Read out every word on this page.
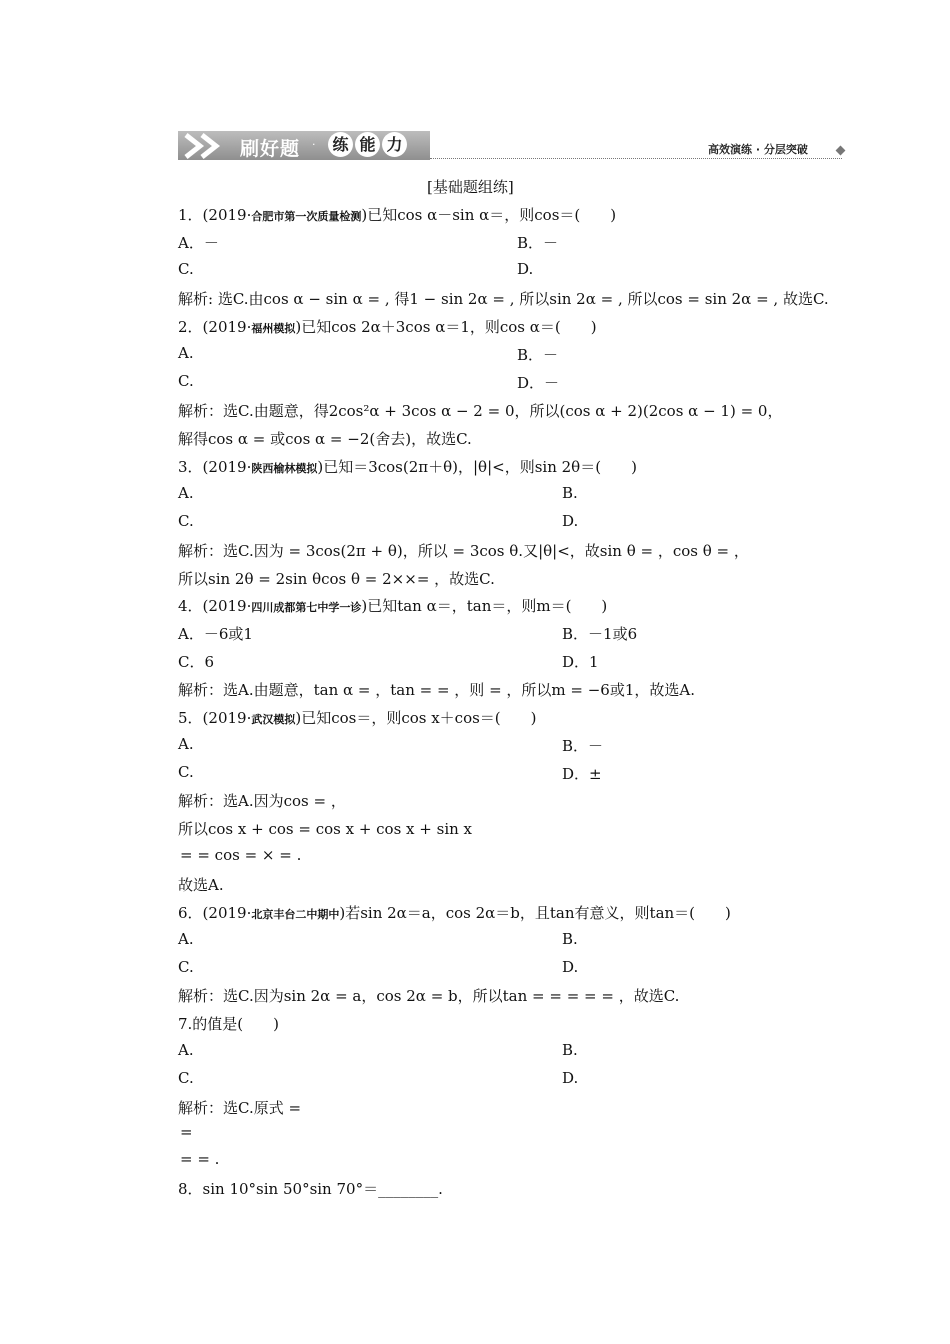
刷好题 · 练 能 力	高效演练 · 分层突破
[基础题组练]
1．(2019·合肥市第一次质量检测)已知cos α－sin α＝，则cos＝(　　)
A．－	B．－
C.	D.
解析: 选C.由cos α − sin α = , 得1 − sin 2α = , 所以sin 2α = , 所以cos = sin 2α = , 故选C.
2．(2019·福州模拟)已知cos 2α＋3cos α＝1，则cos α＝(　　)
A.	B．－
C.	D．－
解析：选C.由题意，得2cos²α + 3cos α − 2 = 0，所以(cos α + 2)(2cos α − 1) = 0，
解得cos α = 或cos α = −2(舍去)，故选C.
3．(2019·陕西榆林模拟)已知＝3cos(2π＋θ)，|θ|<，则sin 2θ＝(　　)
A.	B.
C.	D.
解析：选C.因为 = 3cos(2π + θ)，所以 = 3cos θ.又|θ|<，故sin θ = ，cos θ = ，
所以sin 2θ = 2sin θcos θ = 2××= ，故选C.
4．(2019·四川成都第七中学一诊)已知tan α＝，tan＝，则m＝(　　)
A．－6或1	B．－1或6
C．6	D．1
解析：选A.由题意，tan α = ，tan = = ，则 = ，所以m = −6或1，故选A.
5．(2019·武汉模拟)已知cos＝，则cos x＋cos＝(　　)
A.	B．－
C.	D．±
解析：选A.因为cos = ，
所以cos x + cos = cos x + cos x + sin x
= = cos = × = .
故选A.
6．(2019·北京丰台二中期中)若sin 2α＝a，cos 2α＝b，且tan有意义，则tan＝(　　)
A.	B.
C.	D.
解析：选C.因为sin 2α = a，cos 2α = b，所以tan = = = = = ，故选C.
7.的值是(　　)
A.	B.
C.	D.
解析：选C.原式 =
=
= = .
8．sin 10°sin 50°sin 70°＝________.
